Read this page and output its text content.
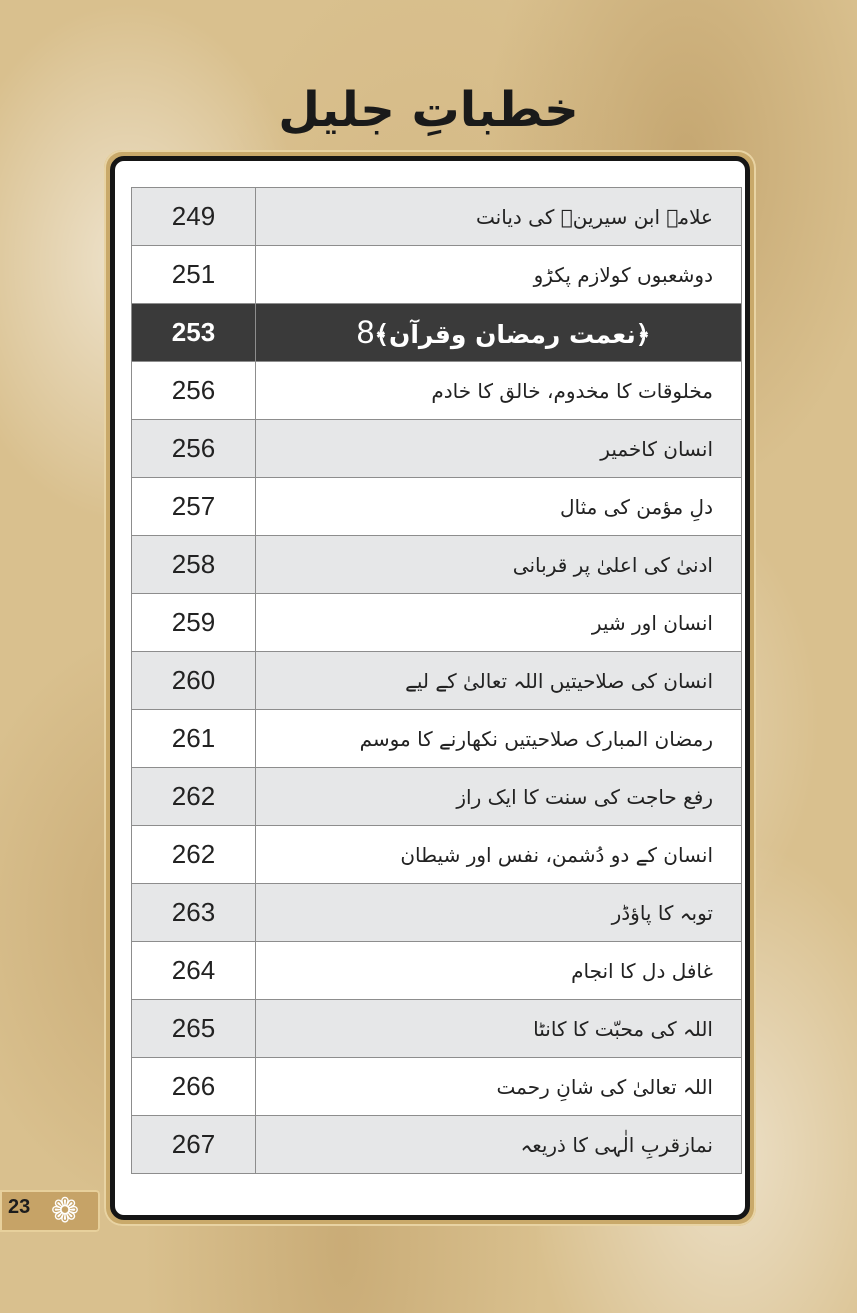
خطباتِ جلیل
249	علامہ ابن سیرینؒ کی دیانت
251	دوشعبوں کولازم پکڑو
253	﴿نعمت رمضان وقرآن﴾8
256	مخلوقات کا مخدوم، خالق کا خادم
256	انسان کاخمیر
257	دلِ مؤمن کی مثال
258	ادنیٰ کی اعلیٰ پر قربانی
259	انسان اور شیر
260	انسان کی صلاحیتیں اللہ تعالیٰ کے لیے
261	رمضان المبارک صلاحیتیں نکھارنے کا موسم
262	رفع حاجت کی سنت کا ایک راز
262	انسان کے دو دُشمن، نفس اور شیطان
263	توبہ کا پاؤڈر
264	غافل دل کا انجام
265	اللہ کی محبّت کا کانٹا
266	اللہ تعالیٰ کی شانِ رحمت
267	نمازقربِ الٰہی کا ذریعہ
23 ❁
